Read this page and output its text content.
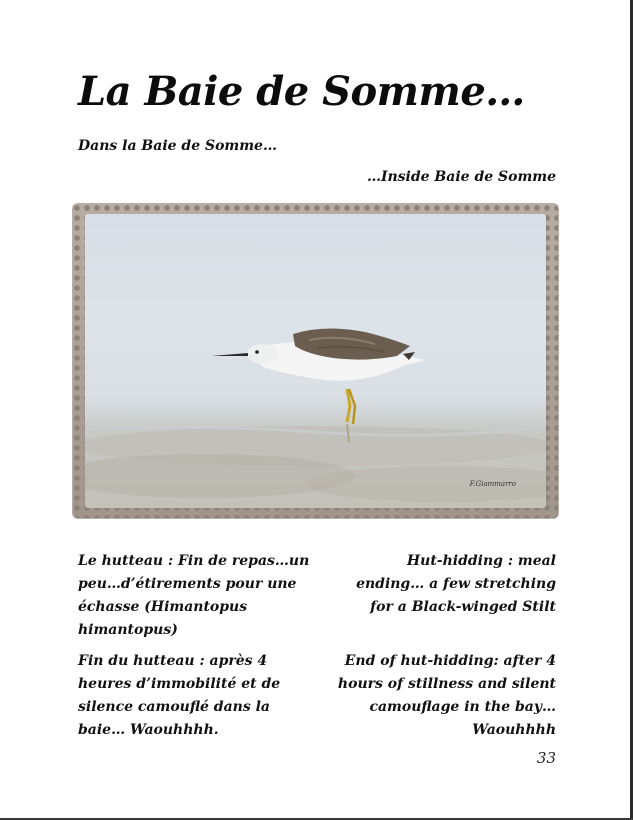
La Baie de Somme…
Dans la Baie de Somme…
…Inside Baie de Somme
F.Giammarro
Le hutteau : Fin de repas…un peu…d’étirements pour une échasse (Himantopus himantopus)
Hut-hidding : meal ending… a few stretching for a Black-winged Stilt
Fin du hutteau : après 4 heures d’immobilité et de silence camouflé dans la baie… Waouhhhh.
End of hut-hidding: after 4 hours of stillness and silent camouflage in the bay… Waouhhhh
33
